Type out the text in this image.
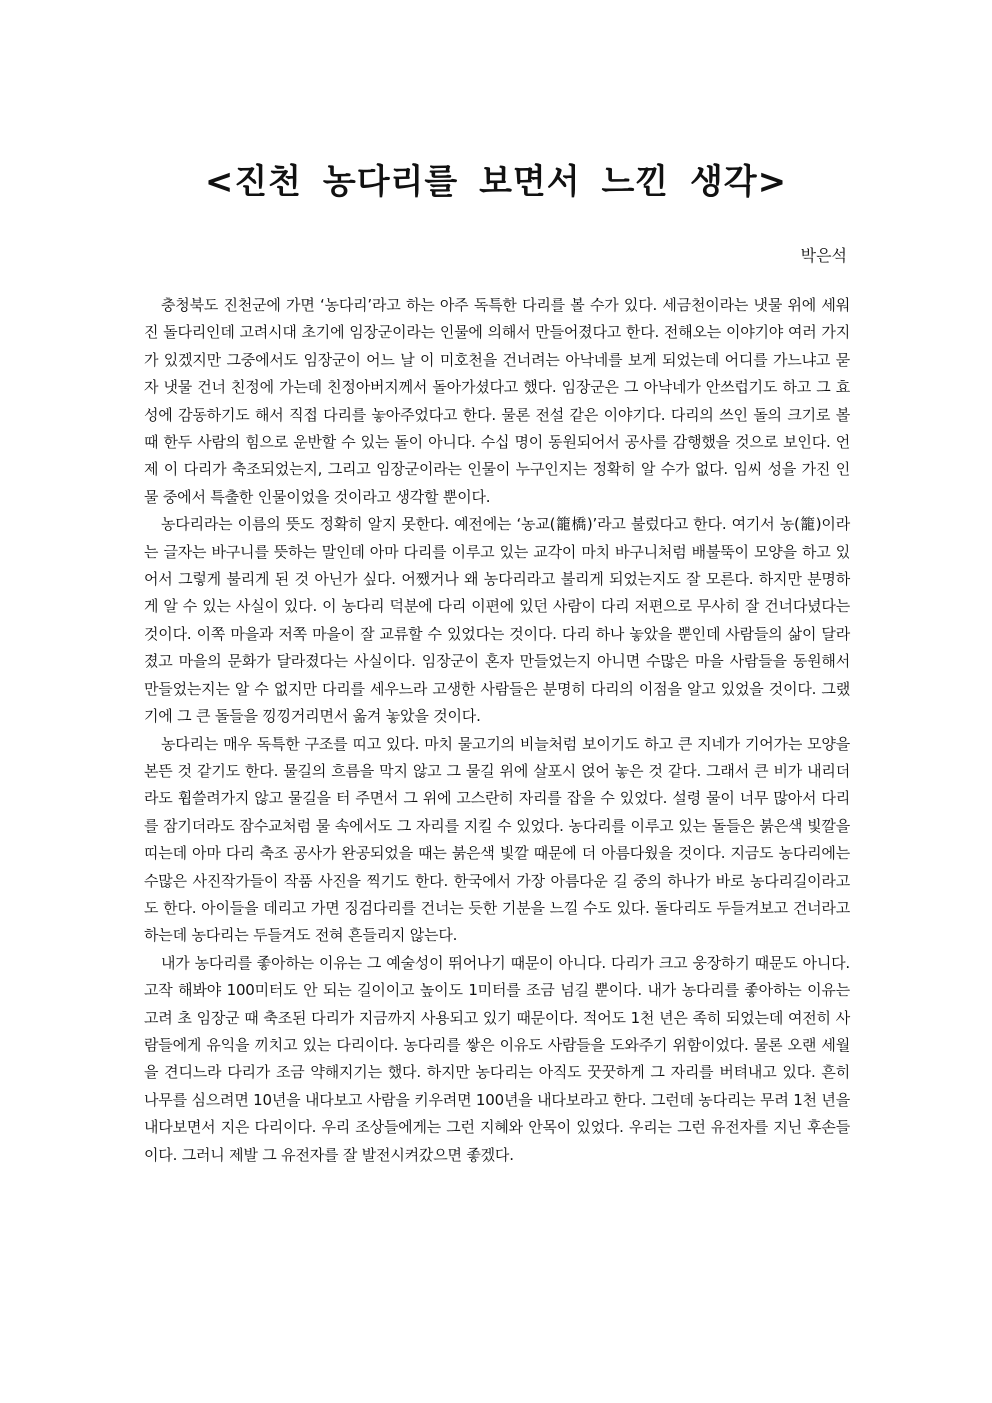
<진천 농다리를 보면서 느낀 생각>
박은석

충청북도 진천군에 가면 ‘농다리’라고 하는 아주 독특한 다리를 볼 수가 있다. 세금천이라는 냇물 위에 세워진 돌다리인데 고려시대 초기에 임장군이라는 인물에 의해서 만들어졌다고 한다. 전해오는 이야기야 여러 가지가 있겠지만 그중에서도 임장군이 어느 날 이 미호천을 건너려는 아낙네를 보게 되었는데 어디를 가느냐고 묻자 냇물 건너 친정에 가는데 친정아버지께서 돌아가셨다고 했다. 임장군은 그 아낙네가 안쓰럽기도 하고 그 효성에 감동하기도 해서 직접 다리를 놓아주었다고 한다. 물론 전설 같은 이야기다. 다리의 쓰인 돌의 크기로 볼 때 한두 사람의 힘으로 운반할 수 있는 돌이 아니다. 수십 명이 동원되어서 공사를 감행했을 것으로 보인다. 언제 이 다리가 축조되었는지, 그리고 임장군이라는 인물이 누구인지는 정확히 알 수가 없다. 임씨 성을 가진 인물 중에서 특출한 인물이었을 것이라고 생각할 뿐이다.

농다리라는 이름의 뜻도 정확히 알지 못한다. 예전에는 ‘농교(籠橋)’라고 불렀다고 한다. 여기서 농(籠)이라는 글자는 바구니를 뜻하는 말인데 아마 다리를 이루고 있는 교각이 마치 바구니처럼 배불뚝이 모양을 하고 있어서 그렇게 불리게 된 것 아닌가 싶다. 어쨌거나 왜 농다리라고 불리게 되었는지도 잘 모른다. 하지만 분명하게 알 수 있는 사실이 있다. 이 농다리 덕분에 다리 이편에 있던 사람이 다리 저편으로 무사히 잘 건너다녔다는 것이다. 이쪽 마을과 저쪽 마을이 잘 교류할 수 있었다는 것이다. 다리 하나 놓았을 뿐인데 사람들의 삶이 달라졌고 마을의 문화가 달라졌다는 사실이다. 임장군이 혼자 만들었는지 아니면 수많은 마을 사람들을 동원해서 만들었는지는 알 수 없지만 다리를 세우느라 고생한 사람들은 분명히 다리의 이점을 알고 있었을 것이다. 그랬기에 그 큰 돌들을 낑낑거리면서 옮겨 놓았을 것이다.

농다리는 매우 독특한 구조를 띠고 있다. 마치 물고기의 비늘처럼 보이기도 하고 큰 지네가 기어가는 모양을 본뜬 것 같기도 한다. 물길의 흐름을 막지 않고 그 물길 위에 살포시 얹어 놓은 것 같다. 그래서 큰 비가 내리더라도 휩쓸려가지 않고 물길을 터 주면서 그 위에 고스란히 자리를 잡을 수 있었다. 설령 물이 너무 많아서 다리를 잠기더라도 잠수교처럼 물 속에서도 그 자리를 지킬 수 있었다. 농다리를 이루고 있는 돌들은 붉은색 빛깔을 띠는데 아마 다리 축조 공사가 완공되었을 때는 붉은색 빛깔 때문에 더 아름다웠을 것이다. 지금도 농다리에는 수많은 사진작가들이 작품 사진을 찍기도 한다. 한국에서 가장 아름다운 길 중의 하나가 바로 농다리길이라고도 한다. 아이들을 데리고 가면 징검다리를 건너는 듯한 기분을 느낄 수도 있다. 돌다리도 두들겨보고 건너라고 하는데 농다리는 두들겨도 전혀 흔들리지 않는다.

내가 농다리를 좋아하는 이유는 그 예술성이 뛰어나기 때문이 아니다. 다리가 크고 웅장하기 때문도 아니다. 고작 해봐야 100미터도 안 되는 길이이고 높이도 1미터를 조금 넘길 뿐이다. 내가 농다리를 좋아하는 이유는 고려 초 임장군 때 축조된 다리가 지금까지 사용되고 있기 때문이다. 적어도 1천 년은 족히 되었는데 여전히 사람들에게 유익을 끼치고 있는 다리이다. 농다리를 쌓은 이유도 사람들을 도와주기 위함이었다. 물론 오랜 세월을 견디느라 다리가 조금 약해지기는 했다. 하지만 농다리는 아직도 꿋꿋하게 그 자리를 버텨내고 있다. 흔히 나무를 심으려면 10년을 내다보고 사람을 키우려면 100년을 내다보라고 한다. 그런데 농다리는 무려 1천 년을 내다보면서 지은 다리이다. 우리 조상들에게는 그런 지혜와 안목이 있었다. 우리는 그런 유전자를 지닌 후손들이다. 그러니 제발 그 유전자를 잘 발전시켜갔으면 좋겠다.
